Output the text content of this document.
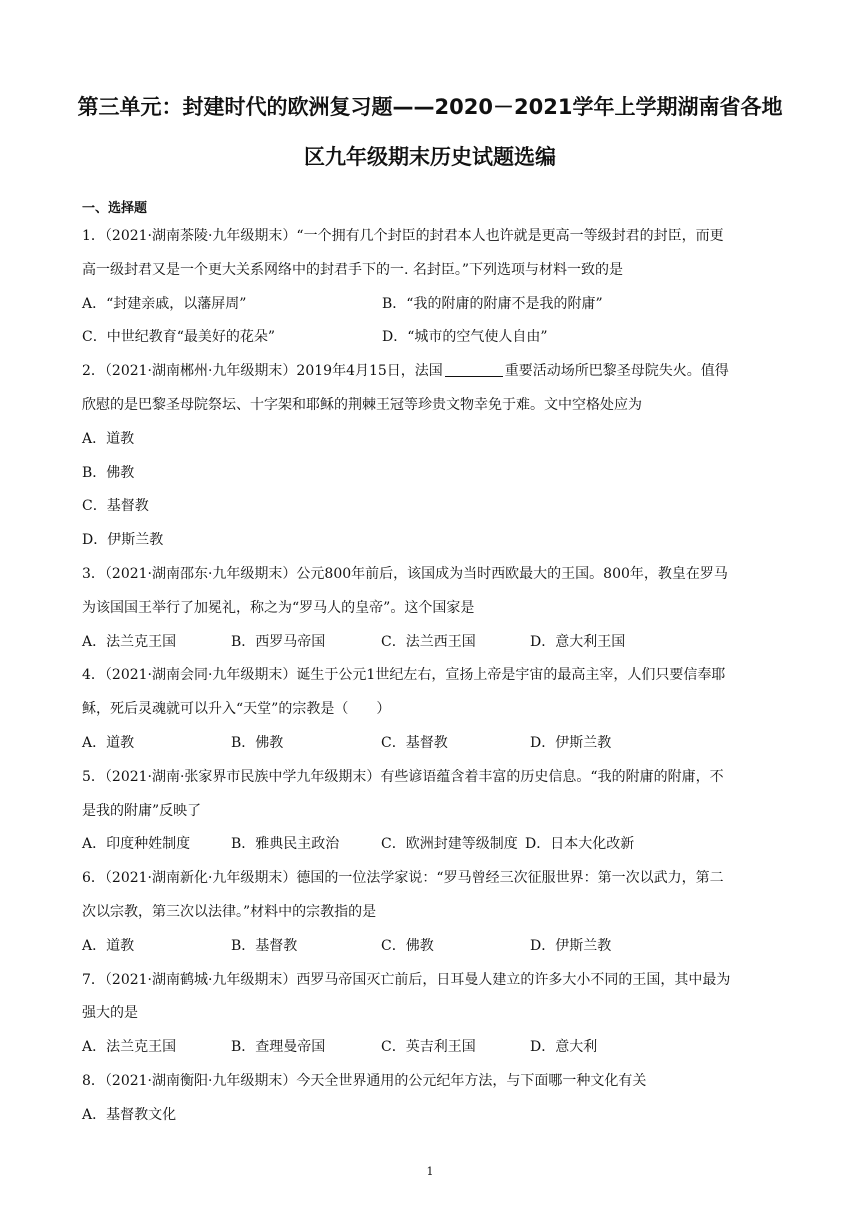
第三单元：封建时代的欧洲复习题——2020－2021学年上学期湖南省各地
区九年级期末历史试题选编
一、选择题
1．（2021·湖南茶陵·九年级期末）“一个拥有几个封臣的封君本人也许就是更高一等级封君的封臣，而更
高一级封君又是一个更大关系网络中的封君手下的一. 名封臣。”下列选项与材料一致的是
A．“封建亲戚，以藩屏周”	B．“我的附庸的附庸不是我的附庸”
C．中世纪教育“最美好的花朵”	D．“城市的空气使人自由”
2．（2021·湖南郴州·九年级期末）2019年4月15日，法国	重要活动场所巴黎圣母院失火。值得
欣慰的是巴黎圣母院祭坛、十字架和耶稣的荆棘王冠等珍贵文物幸免于难。文中空格处应为
A．道教
B．佛教
C．基督教
D．伊斯兰教
3．（2021·湖南邵东·九年级期末）公元800年前后，该国成为当时西欧最大的王国。800年，教皇在罗马
为该国国王举行了加冕礼，称之为“罗马人的皇帝”。这个国家是
A．法兰克王国	B．西罗马帝国	C．法兰西王国	D．意大利王国
4．（2021·湖南会同·九年级期末）诞生于公元1世纪左右，宣扬上帝是宇宙的最高主宰，人们只要信奉耶
稣，死后灵魂就可以升入“天堂”的宗教是（　　）
A．道教	B．佛教	C．基督教	D．伊斯兰教
5．（2021·湖南·张家界市民族中学九年级期末）有些谚语蕴含着丰富的历史信息。“我的附庸的附庸，不
是我的附庸”反映了
A．印度种姓制度	B．雅典民主政治	C．欧洲封建等级制度 D．日本大化改新
6．（2021·湖南新化·九年级期末）德国的一位法学家说：“罗马曾经三次征服世界：第一次以武力，第二
次以宗教，第三次以法律。”材料中的宗教指的是
A．道教	B．基督教	C．佛教	D．伊斯兰教
7．（2021·湖南鹤城·九年级期末）西罗马帝国灭亡前后，日耳曼人建立的许多大小不同的王国，其中最为
强大的是
A．法兰克王国	B．查理曼帝国	C．英吉利王国	D．意大利
8．（2021·湖南衡阳·九年级期末）今天全世界通用的公元纪年方法，与下面哪一种文化有关
A．基督教文化
1
